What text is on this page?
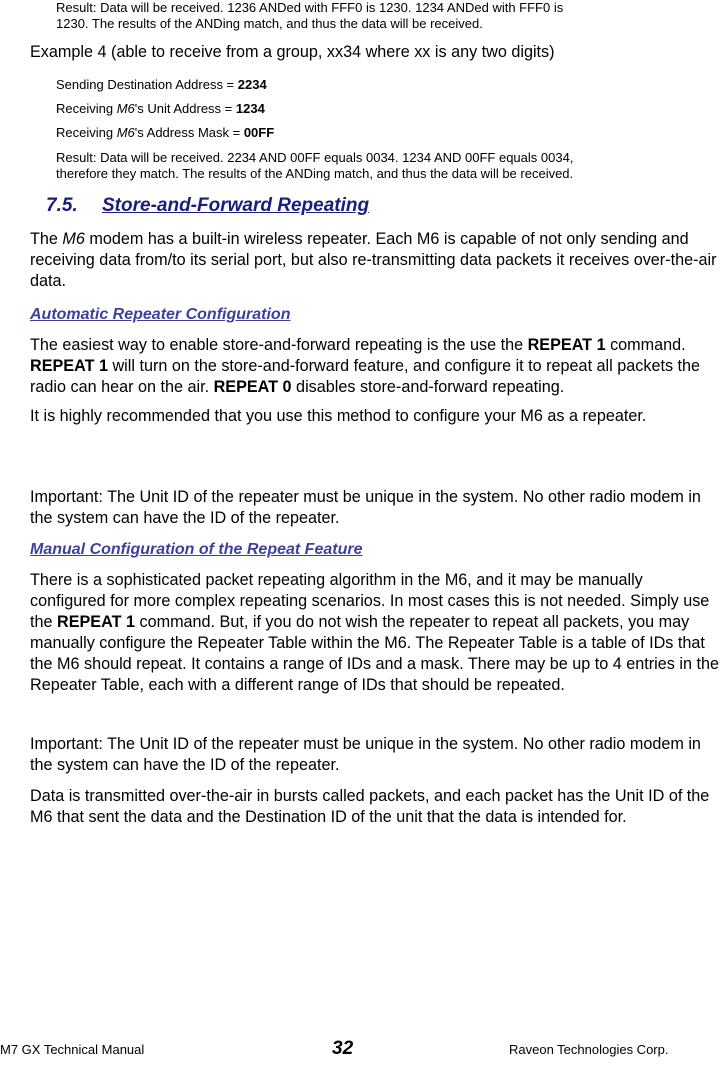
Result: Data will be received. 1236 ANDed with FFF0 is 1230. 1234 ANDed with FFF0 is
1230. The results of the ANDing match, and thus the data will be received.

Example 4 (able to receive from a group, xx34 where xx is any two digits)

Sending Destination Address = 2234

Receiving M6's Unit Address = 1234

Receiving M6's Address Mask = 00FF

Result: Data will be received. 2234 AND 00FF equals 0034. 1234 AND 00FF equals 0034,
therefore they match. The results of the ANDing match, and thus the data will be received.

7.5. Store-and-Forward Repeating

The M6 modem has a built-in wireless repeater. Each M6 is capable of not only sending and receiving data from/to its serial port, but also re-transmitting data packets it receives over-the-air data.

Automatic Repeater Configuration

The easiest way to enable store-and-forward repeating is the use the REPEAT 1 command. REPEAT 1 will turn on the store-and-forward feature, and configure it to repeat all packets the radio can hear on the air. REPEAT 0 disables store-and-forward repeating.

It is highly recommended that you use this method to configure your M6 as a repeater.

Important: The Unit ID of the repeater must be unique in the system. No other radio modem in the system can have the ID of the repeater.

Manual Configuration of the Repeat Feature

There is a sophisticated packet repeating algorithm in the M6, and it may be manually configured for more complex repeating scenarios. In most cases this is not needed. Simply use the REPEAT 1 command. But, if you do not wish the repeater to repeat all packets, you may manually configure the Repeater Table within the M6. The Repeater Table is a table of IDs that the M6 should repeat. It contains a range of IDs and a mask. There may be up to 4 entries in the Repeater Table, each with a different range of IDs that should be repeated.

Important: The Unit ID of the repeater must be unique in the system. No other radio modem in the system can have the ID of the repeater.

Data is transmitted over-the-air in bursts called packets, and each packet has the Unit ID of the M6 that sent the data and the Destination ID of the unit that the data is intended for.

M7 GX Technical Manual	32	Raveon Technologies Corp.
